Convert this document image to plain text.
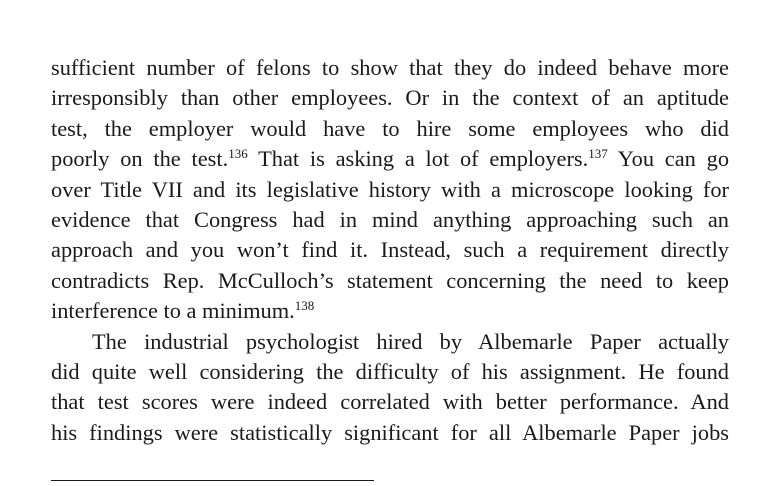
sufficient number of felons to show that they do indeed behave more
irresponsibly than other employees. Or in the context of an aptitude
test, the employer would have to hire some employees who did
poorly on the test.$^{136}$ That is asking a lot of employers.$^{137}$ You can go
over Title VII and its legislative history with a microscope looking for
evidence that Congress had in mind anything approaching such an
approach and you won’t find it. Instead, such a requirement directly
contradicts Rep. McCulloch’s statement concerning the need to keep
interference to a minimum.$^{138}$
The industrial psychologist hired by Albemarle Paper actually
did quite well considering the difficulty of his assignment. He found
that test scores were indeed correlated with better performance. And
his findings were statistically significant for all Albemarle Paper jobs
